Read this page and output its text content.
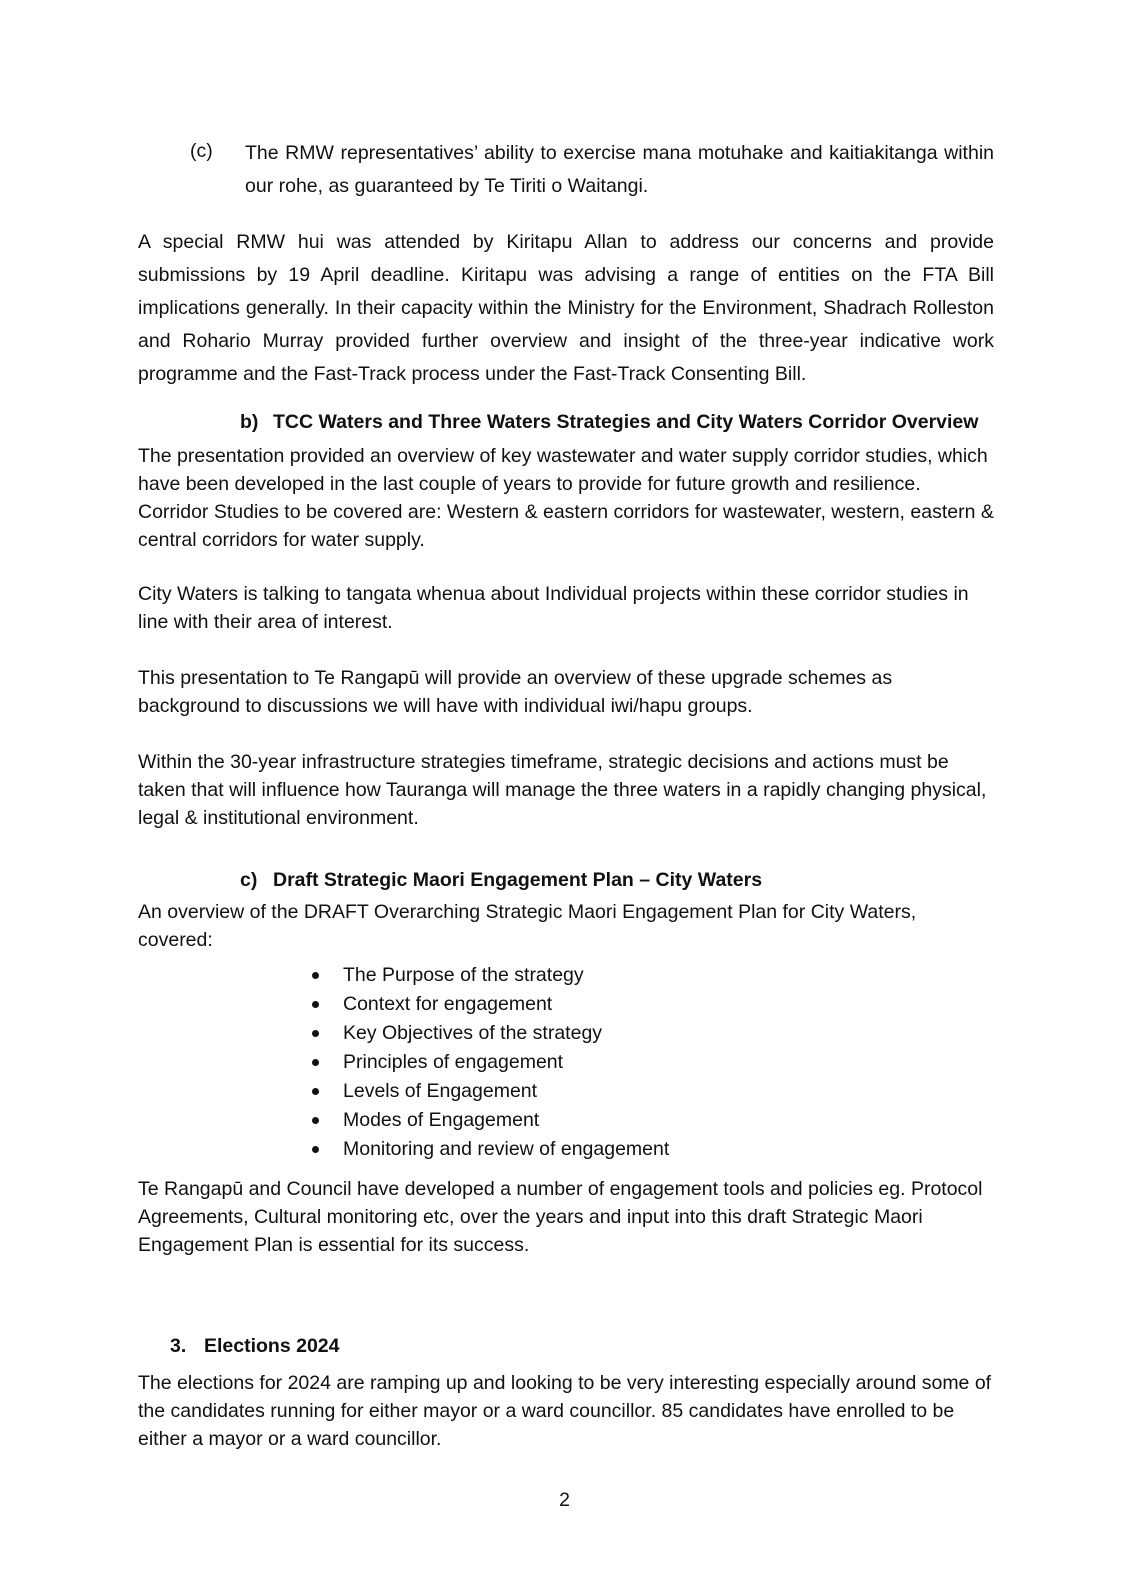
(c) The RMW representatives’ ability to exercise mana motuhake and kaitiakitanga within our rohe, as guaranteed by Te Tiriti o Waitangi.
A special RMW hui was attended by Kiritapu Allan to address our concerns and provide submissions by 19 April deadline. Kiritapu was advising a range of entities on the FTA Bill implications generally. In their capacity within the Ministry for the Environment, Shadrach Rolleston and Rohario Murray provided further overview and insight of the three-year indicative work programme and the Fast-Track process under the Fast-Track Consenting Bill.
b) TCC Waters and Three Waters Strategies and City Waters Corridor Overview
The presentation provided an overview of key wastewater and water supply corridor studies, which have been developed in the last couple of years to provide for future growth and resilience. Corridor Studies to be covered are: Western & eastern corridors for wastewater, western, eastern & central corridors for water supply.
City Waters is talking to tangata whenua about Individual projects within these corridor studies in line with their area of interest.
This presentation to Te Rangapū will provide an overview of these upgrade schemes as background to discussions we will have with individual iwi/hapu groups.
Within the 30-year infrastructure strategies timeframe, strategic decisions and actions must be taken that will influence how Tauranga will manage the three waters in a rapidly changing physical, legal & institutional environment.
c) Draft Strategic Maori Engagement Plan – City Waters
An overview of the DRAFT Overarching Strategic Maori Engagement Plan for City Waters, covered:
The Purpose of the strategy
Context for engagement
Key Objectives of the strategy
Principles of engagement
Levels of Engagement
Modes of Engagement
Monitoring and review of engagement
Te Rangapū and Council have developed a number of engagement tools and policies eg. Protocol Agreements, Cultural monitoring etc, over the years and input into this draft Strategic Maori Engagement Plan is essential for its success.
3. Elections 2024
The elections for 2024 are ramping up and looking to be very interesting especially around some of the candidates running for either mayor or a ward councillor. 85 candidates have enrolled to be either a mayor or a ward councillor.
2
